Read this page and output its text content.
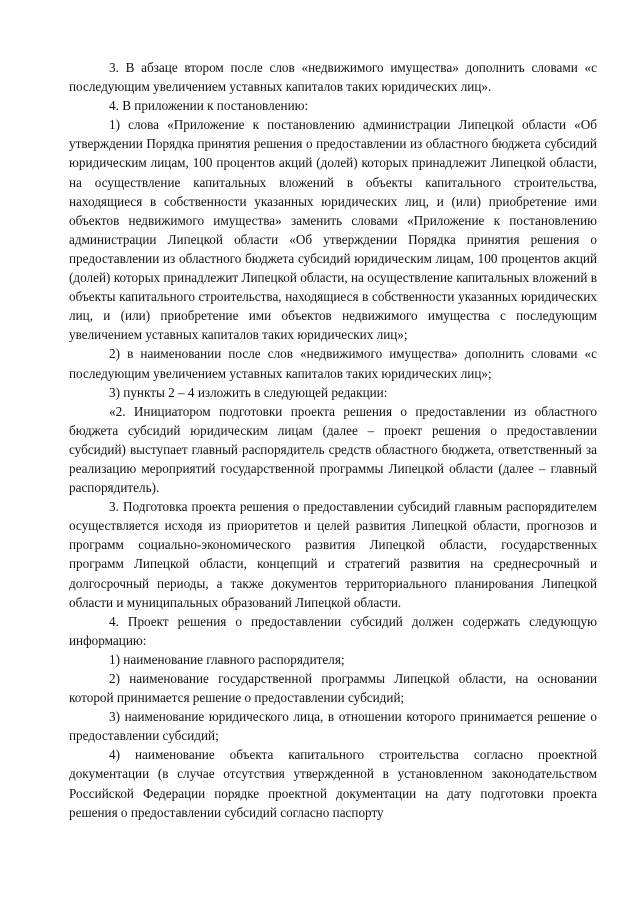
3. В абзаце втором после слов «недвижимого имущества» дополнить словами «с последующим увеличением уставных капиталов таких юридических лиц».

4. В приложении к постановлению:

1) слова «Приложение к постановлению администрации Липецкой области «Об утверждении Порядка принятия решения о предоставлении из областного бюджета субсидий юридическим лицам, 100 процентов акций (долей) которых принадлежит Липецкой области, на осуществление капитальных вложений в объекты капитального строительства, находящиеся в собственности указанных юридических лиц, и (или) приобретение ими объектов недвижимого имущества» заменить словами «Приложение к постановлению администрации Липецкой области «Об утверждении Порядка принятия решения о предоставлении из областного бюджета субсидий юридическим лицам, 100 процентов акций (долей) которых принадлежит Липецкой области, на осуществление капитальных вложений в объекты капитального строительства, находящиеся в собственности указанных юридических лиц, и (или) приобретение ими объектов недвижимого имущества с последующим увеличением уставных капиталов таких юридических лиц»;

2) в наименовании после слов «недвижимого имущества» дополнить словами «с последующим увеличением уставных капиталов таких юридических лиц»;

3) пункты 2 – 4 изложить в следующей редакции:

«2. Инициатором подготовки проекта решения о предоставлении из областного бюджета субсидий юридическим лицам (далее – проект решения о предоставлении субсидий) выступает главный распорядитель средств областного бюджета, ответственный за реализацию мероприятий государственной программы Липецкой области (далее – главный распорядитель).

3. Подготовка проекта решения о предоставлении субсидий главным распорядителем осуществляется исходя из приоритетов и целей развития Липецкой области, прогнозов и программ социально-экономического развития Липецкой области, государственных программ Липецкой области, концепций и стратегий развития на среднесрочный и долгосрочный периоды, а также документов территориального планирования Липецкой области и муниципальных образований Липецкой области.

4. Проект решения о предоставлении субсидий должен содержать следующую информацию:

1) наименование главного распорядителя;

2) наименование государственной программы Липецкой области, на основании которой принимается решение о предоставлении субсидий;

3) наименование юридического лица, в отношении которого принимается решение о предоставлении субсидий;

4) наименование объекта капитального строительства согласно проектной документации (в случае отсутствия утвержденной в установленном законодательством Российской Федерации порядке проектной документации на дату подготовки проекта решения о предоставлении субсидий согласно паспорту
